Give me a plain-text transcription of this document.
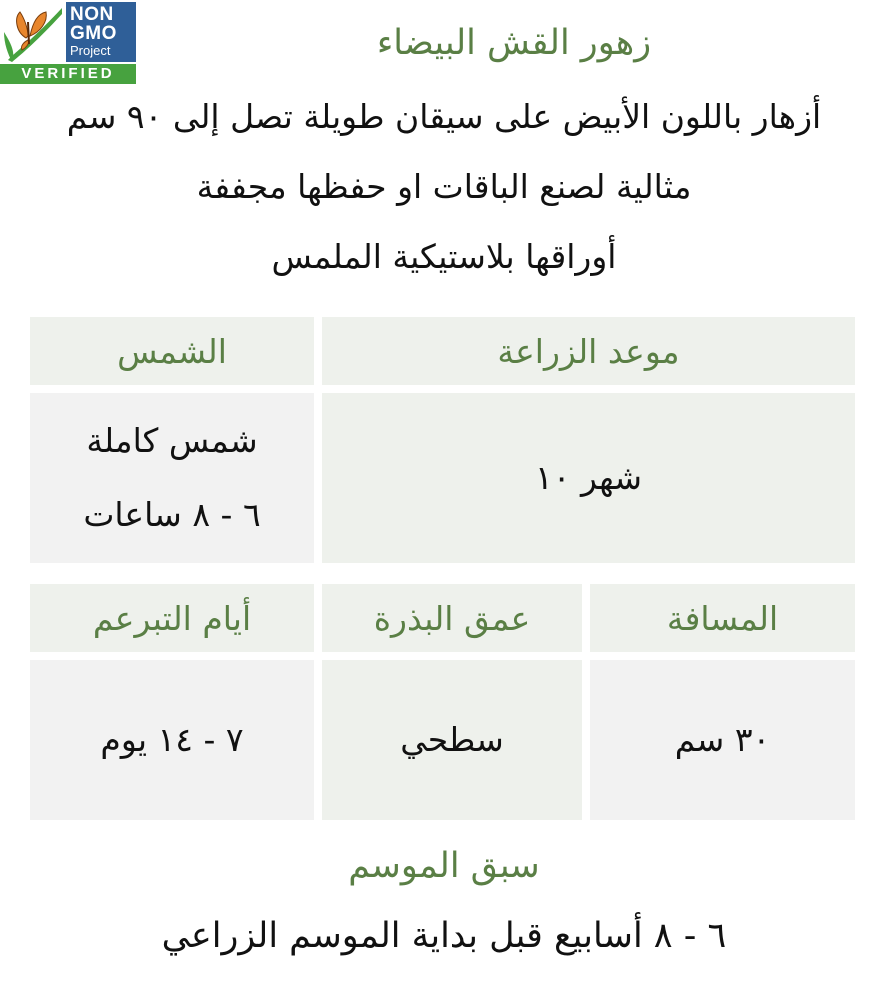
NON
GMO
Project
VERIFIED
زهور القش البيضاء
أزهار باللون الأبيض على سيقان طويلة تصل إلى ٩٠ سم
مثالية لصنع الباقات او حفظها مجففة
أوراقها بلاستيكية الملمس
موعد الزراعة
الشمس
شهر ١٠
شمس كاملة
٦ - ٨ ساعات
المسافة
عمق البذرة
أيام التبرعم
٣٠ سم
سطحي
٧ - ١٤ يوم
سبق الموسم
٦ - ٨ أسابيع قبل بداية الموسم الزراعي
